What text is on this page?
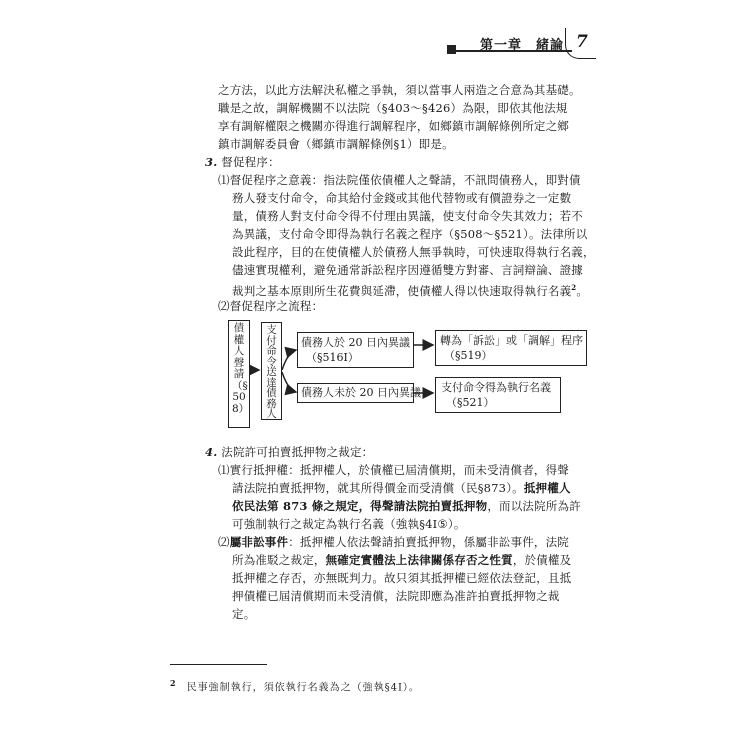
第一章　緒論 7
之方法，以此方法解決私權之爭執，須以當事人兩造之合意為其基礎。
職是之故，調解機關不以法院（§403～§426）為限，即依其他法規
享有調解權限之機關亦得進行調解程序，如鄉鎮市調解條例所定之鄉
鎮市調解委員會（鄉鎮市調解條例§1）即是。
3. 督促程序：
⑴督促程序之意義：指法院僅依債權人之聲請，不訊問債務人，即對債
務人發支付命令，命其給付金錢或其他代替物或有價證券之一定數
量，債務人對支付命令得不付理由異議，使支付命令失其效力；若不
為異議，支付命令即得為執行名義之程序（§508～§521）。法律所以
設此程序，目的在使債權人於債務人無爭執時，可快速取得執行名義，
儘速實現權利，避免通常訴訟程序因遵循雙方對審、言詞辯論、證據
裁判之基本原則所生花費與延滯，使債權人得以快速取得執行名義$^2$。
⑵督促程序之流程：
債權人聲請（§508）
支付命令送達債務人
債務人於 20 日內異議
（§516Ⅰ）
轉為「訴訟」或「調解」程序
（§519）
債務人未於 20 日內異議 支付命令得為執行名義
（§521）
4. 法院許可拍賣抵押物之裁定：
⑴實行抵押權：抵押權人，於債權已屆清償期，而未受清償者，得聲
請法院拍賣抵押物，就其所得價金而受清償（民§873）。抵押權人
依民法第 873 條之規定，得聲請法院拍賣抵押物，而以法院所為許
可強制執行之裁定為執行名義（強執§4Ⅰ⑤）。
⑵屬非訟事件：抵押權人依法聲請拍賣抵押物，係屬非訟事件，法院
所為准駁之裁定，無確定實體法上法律關係存否之性質，於債權及
抵押權之存否，亦無既判力。故只須其抵押權已經依法登記，且抵
押債權已屆清償期而未受清償，法院即應為准許拍賣抵押物之裁
定。
$^2$ 民事強制執行，須依執行名義為之（強執§4Ⅰ）。
